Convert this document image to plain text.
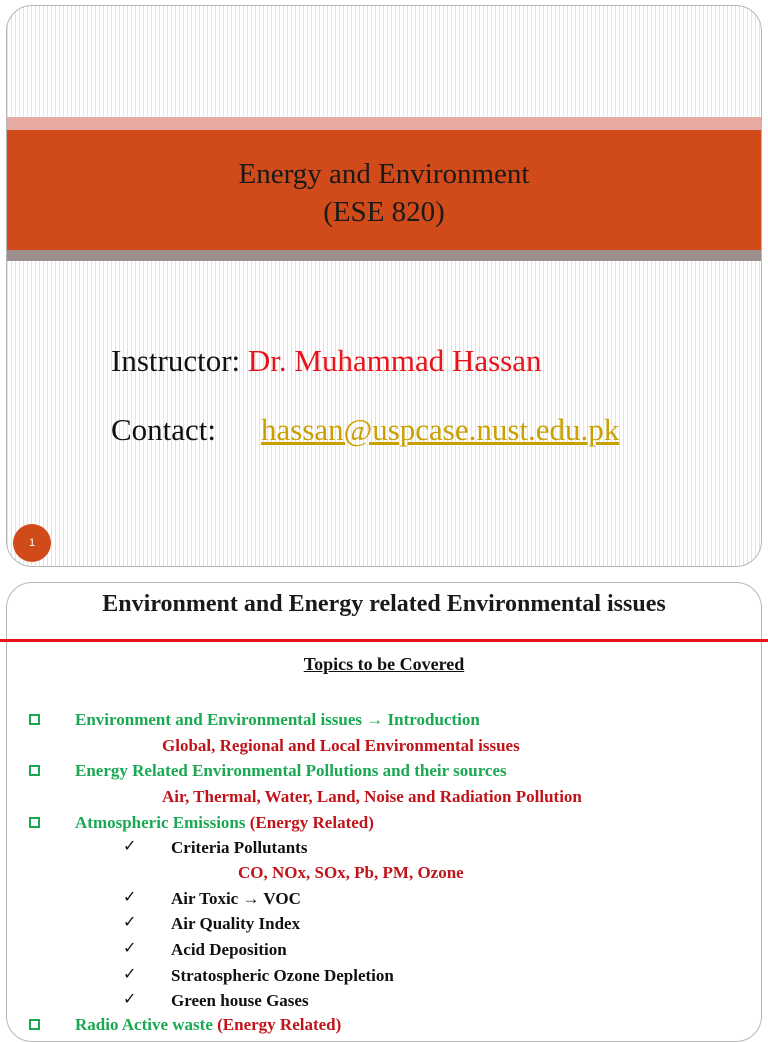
Energy and Environment
(ESE 820)
Instructor: Dr. Muhammad Hassan
Contact: hassan@uspcase.nust.edu.pk
1
Environment and Energy related Environmental issues
Topics to be Covered
Environment and Environmental issues → Introduction
Global, Regional and Local Environmental issues
Energy Related Environmental Pollutions and their sources
Air, Thermal, Water, Land, Noise and Radiation Pollution
Atmospheric Emissions (Energy Related)
✓ Criteria Pollutants
CO, NOx, SOx, Pb, PM, Ozone
✓ Air Toxic → VOC
✓ Air Quality Index
✓ Acid Deposition
✓ Stratospheric Ozone Depletion
✓ Green house Gases
Radio Active waste (Energy Related)
